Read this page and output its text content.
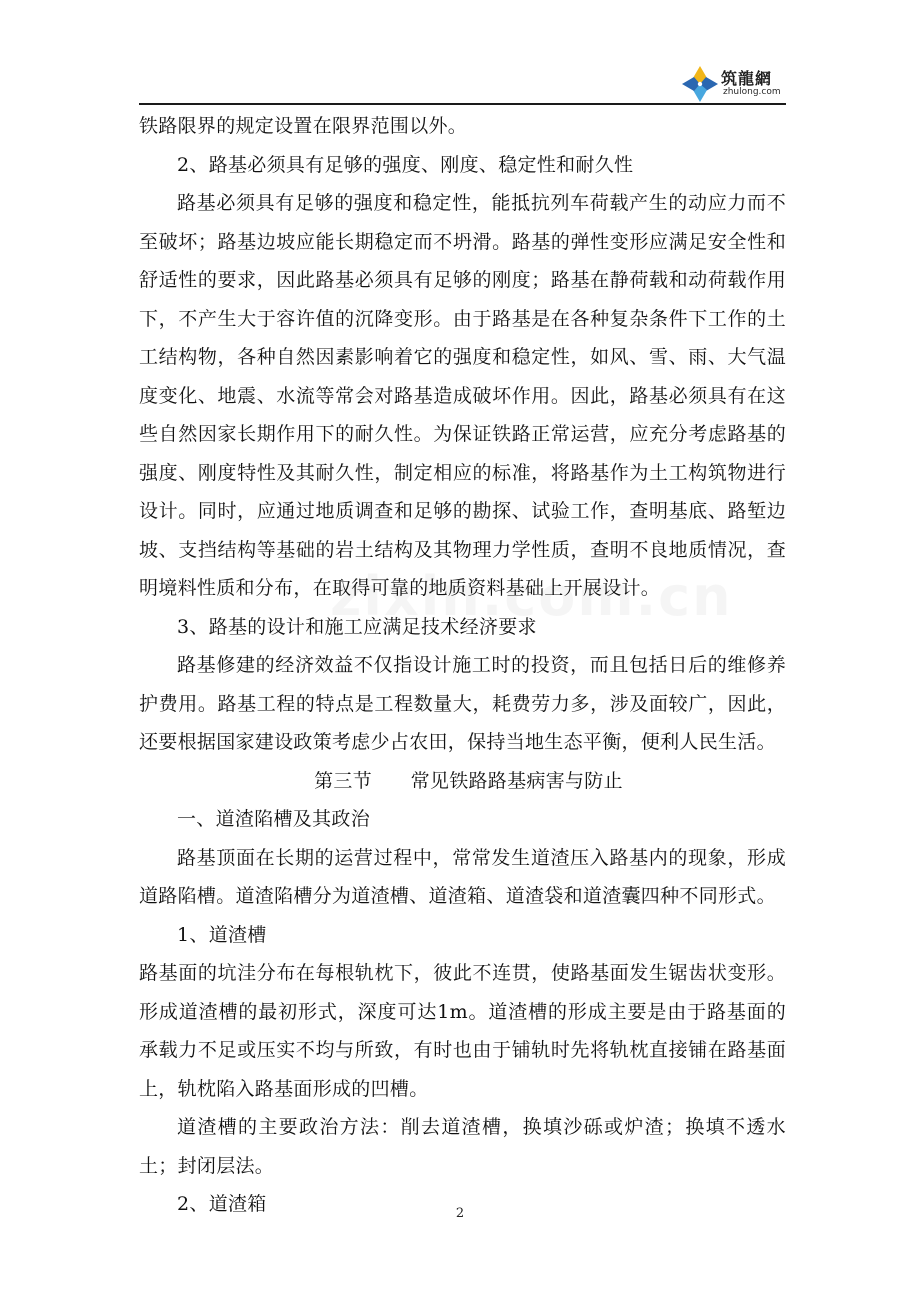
筑龍網
zhulong.com

铁路限界的规定设置在限界范围以外。

2、路基必须具有足够的强度、刚度、稳定性和耐久性

路基必须具有足够的强度和稳定性，能抵抗列车荷载产生的动应力而不至破坏；路基边坡应能长期稳定而不坍滑。路基的弹性变形应满足安全性和舒适性的要求，因此路基必须具有足够的刚度；路基在静荷载和动荷载作用下，不产生大于容许值的沉降变形。由于路基是在各种复杂条件下工作的土工结构物，各种自然因素影响着它的强度和稳定性，如风、雪、雨、大气温度变化、地震、水流等常会对路基造成破坏作用。因此，路基必须具有在这些自然因家长期作用下的耐久性。为保证铁路正常运营，应充分考虑路基的强度、刚度特性及其耐久性，制定相应的标准，将路基作为土工构筑物进行设计。同时，应通过地质调查和足够的勘探、试验工作，查明基底、路堑边坡、支挡结构等基础的岩土结构及其物理力学性质，查明不良地质情况，查明境料性质和分布，在取得可靠的地质资料基础上开展设计。

3、路基的设计和施工应满足技术经济要求

路基修建的经济效益不仅指设计施工时的投资，而且包括日后的维修养护费用。路基工程的特点是工程数量大，耗费劳力多，涉及面较广，因此，还要根据国家建设政策考虑少占农田，保持当地生态平衡，便利人民生活。

第三节　　常见铁路路基病害与防止

一、道渣陷槽及其政治

路基顶面在长期的运营过程中，常常发生道渣压入路基内的现象，形成道路陷槽。道渣陷槽分为道渣槽、道渣箱、道渣袋和道渣囊四种不同形式。

1、道渣槽

路基面的坑洼分布在每根轨枕下，彼此不连贯，使路基面发生锯齿状变形。形成道渣槽的最初形式，深度可达1m。道渣槽的形成主要是由于路基面的承载力不足或压实不均与所致，有时也由于铺轨时先将轨枕直接铺在路基面上，轨枕陷入路基面形成的凹槽。

道渣槽的主要政治方法：削去道渣槽，换填沙砾或炉渣；换填不透水土；封闭层法。

2、道渣箱	2
